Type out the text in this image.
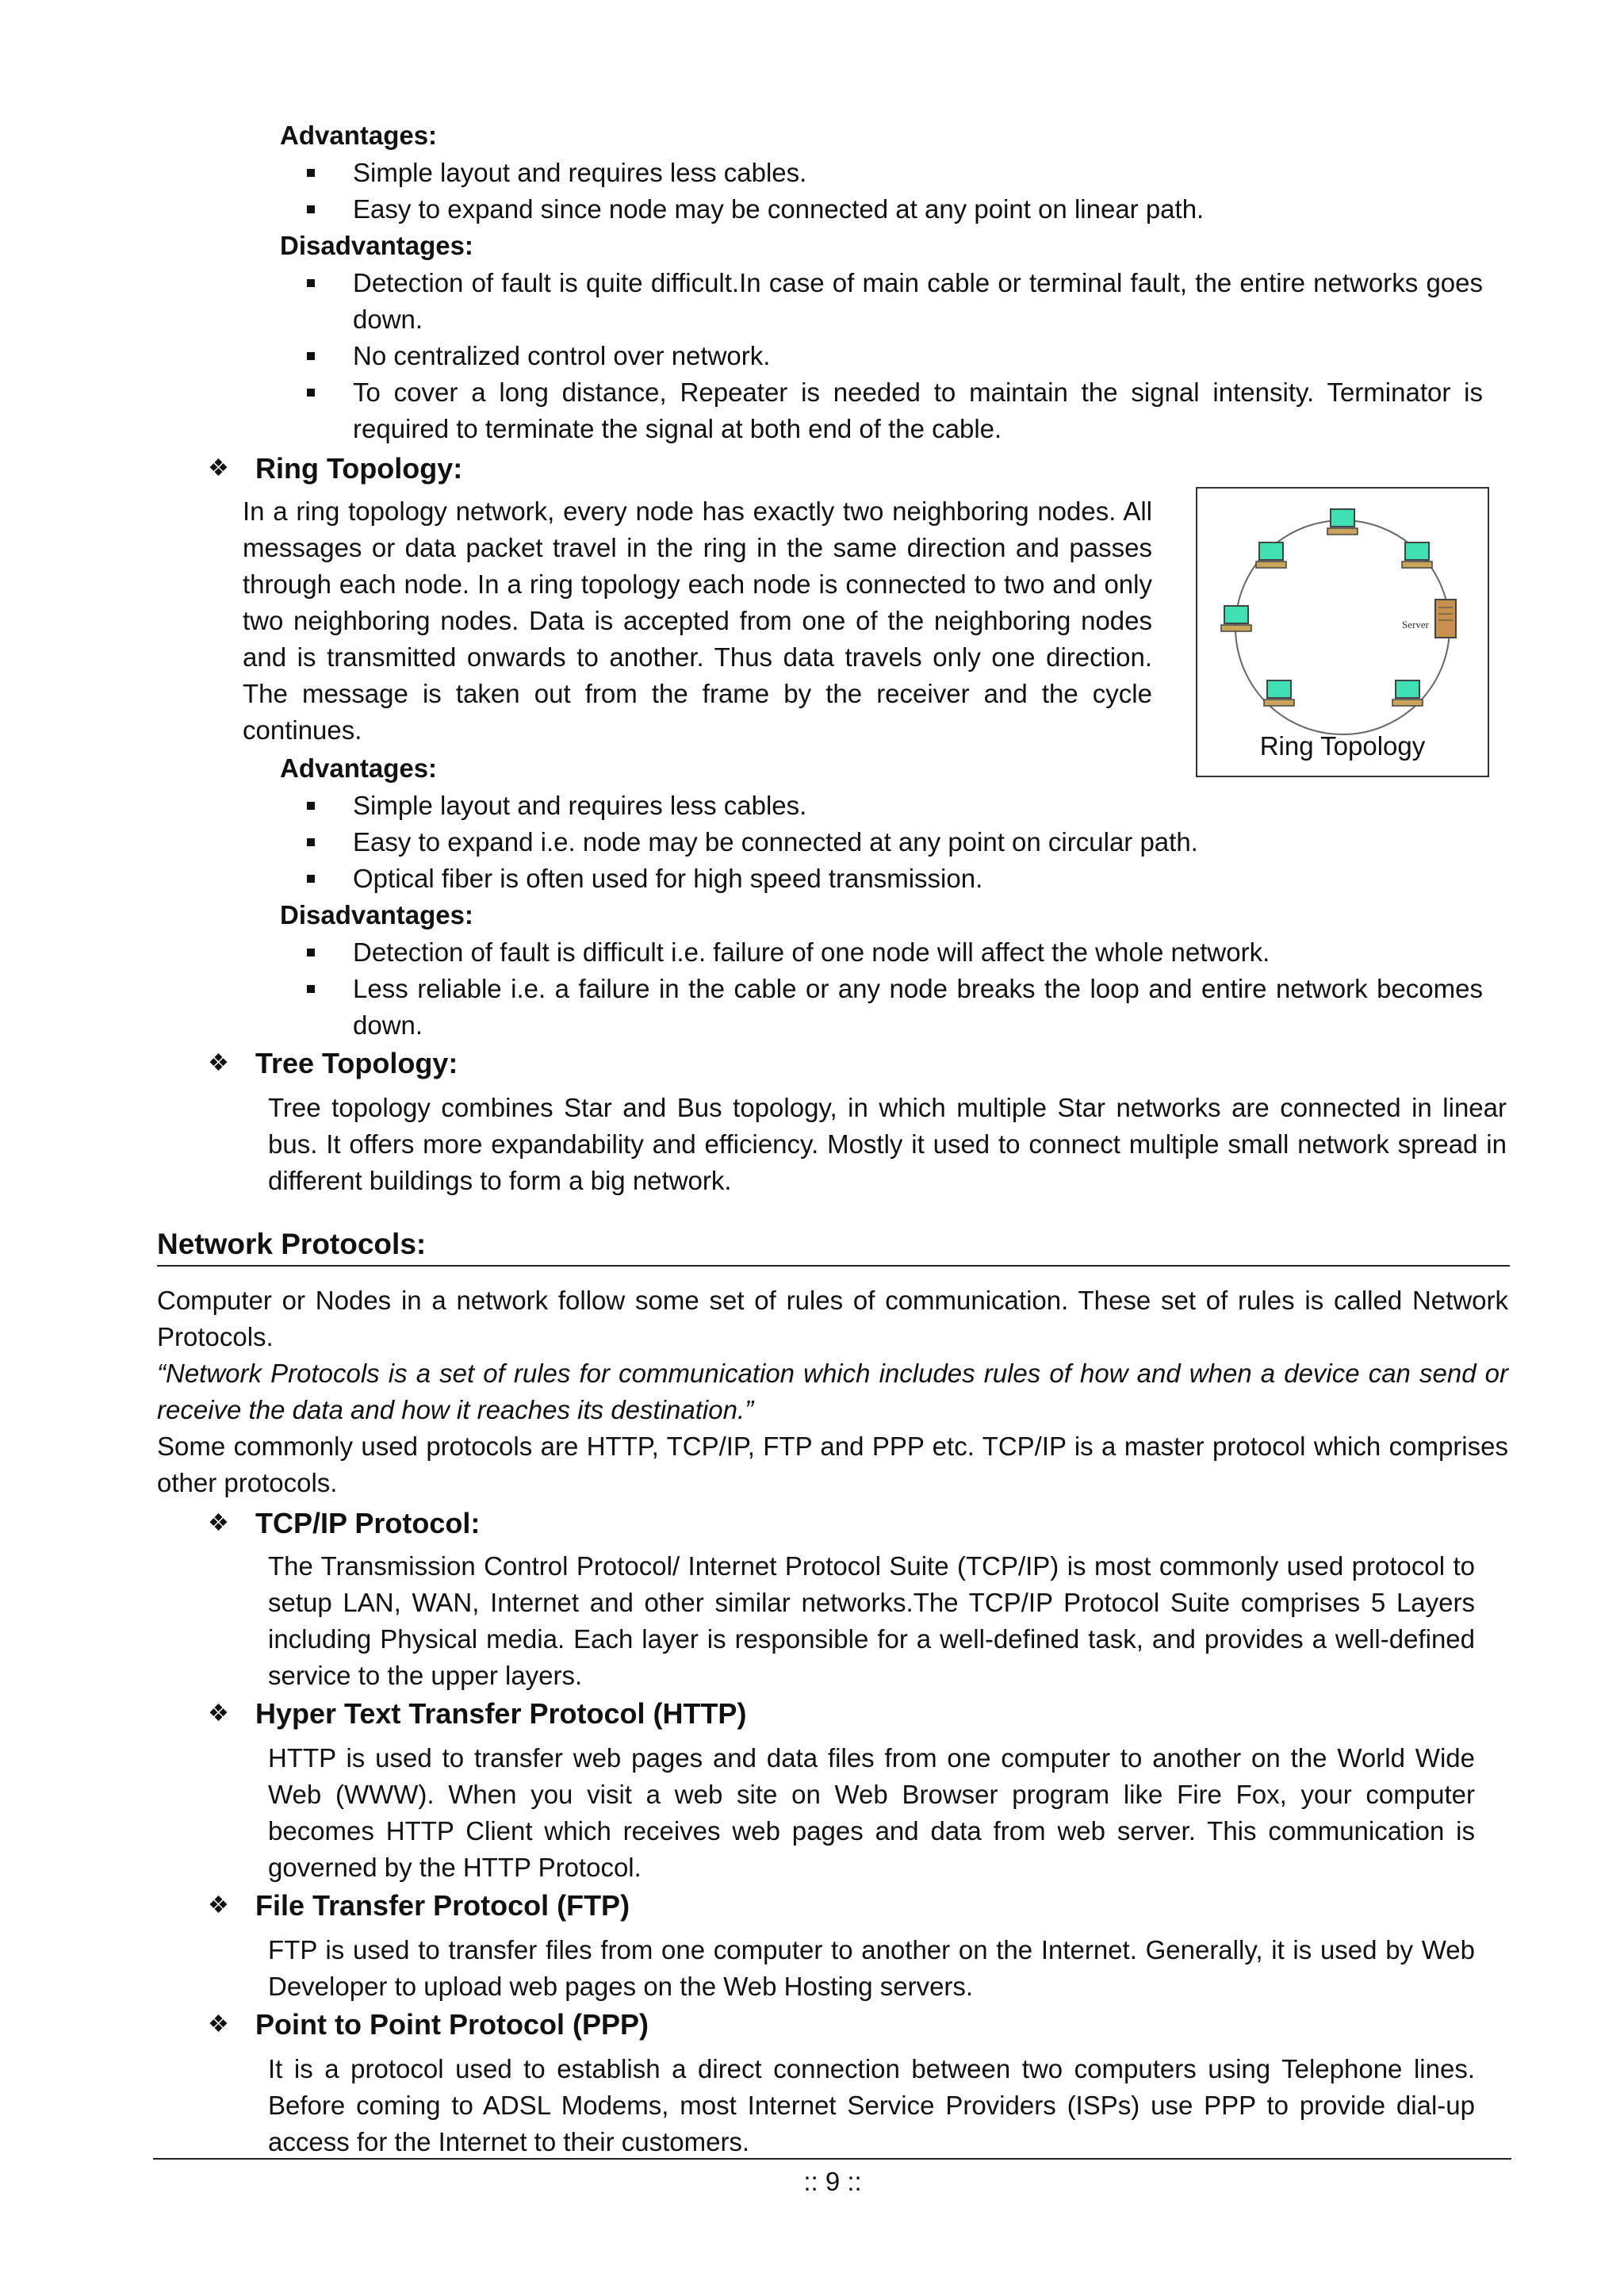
Advantages:
Simple layout and requires less cables.
Easy to expand since node may be connected at any point on linear path.
Disadvantages:
Detection of fault is quite difficult.In case of main cable or terminal fault, the entire networks goes down.
No centralized control over network.
To cover a long distance, Repeater is needed to maintain the signal intensity. Terminator is required to terminate the signal at both end of the cable.
❖ Ring Topology:
In a ring topology network, every node has exactly two neighboring nodes. All messages or data packet travel in the ring in the same direction and passes through each node. In a ring topology each node is connected to two and only two neighboring nodes. Data is accepted from one of the neighboring nodes and is transmitted onwards to another. Thus data travels only one direction. The message is taken out from the frame by the receiver and the cycle continues.
Server
Ring Topology
Advantages:
Simple layout and requires less cables.
Easy to expand i.e. node may be connected at any point on circular path.
Optical fiber is often used for high speed transmission.
Disadvantages:
Detection of fault is difficult i.e. failure of one node will affect the whole network.
Less reliable i.e. a failure in the cable or any node breaks the loop and entire network becomes down.
❖ Tree Topology:
Tree topology combines Star and Bus topology, in which multiple Star networks are connected in linear bus. It offers more expandability and efficiency. Mostly it used to connect multiple small network spread in different buildings to form a big network.
Network Protocols:
Computer or Nodes in a network follow some set of rules of communication. These set of rules is called Network Protocols.
“Network Protocols is a set of rules for communication which includes rules of how and when a device can send or receive the data and how it reaches its destination.”
Some commonly used protocols are HTTP, TCP/IP, FTP and PPP etc. TCP/IP is a master protocol which comprises other protocols.
❖ TCP/IP Protocol:
The Transmission Control Protocol/ Internet Protocol Suite (TCP/IP) is most commonly used protocol to setup LAN, WAN, Internet and other similar networks.The TCP/IP Protocol Suite comprises 5 Layers including Physical media. Each layer is responsible for a well-defined task, and provides a well-defined service to the upper layers.
❖ Hyper Text Transfer Protocol (HTTP)
HTTP is used to transfer web pages and data files from one computer to another on the World Wide Web (WWW). When you visit a web site on Web Browser program like Fire Fox, your computer becomes HTTP Client which receives web pages and data from web server. This communication is governed by the HTTP Protocol.
❖ File Transfer Protocol (FTP)
FTP is used to transfer files from one computer to another on the Internet. Generally, it is used by Web Developer to upload web pages on the Web Hosting servers.
❖ Point to Point Protocol (PPP)
It is a protocol used to establish a direct connection between two computers using Telephone lines. Before coming to ADSL Modems, most Internet Service Providers (ISPs) use PPP to provide dial-up access for the Internet to their customers.
:: 9 ::
